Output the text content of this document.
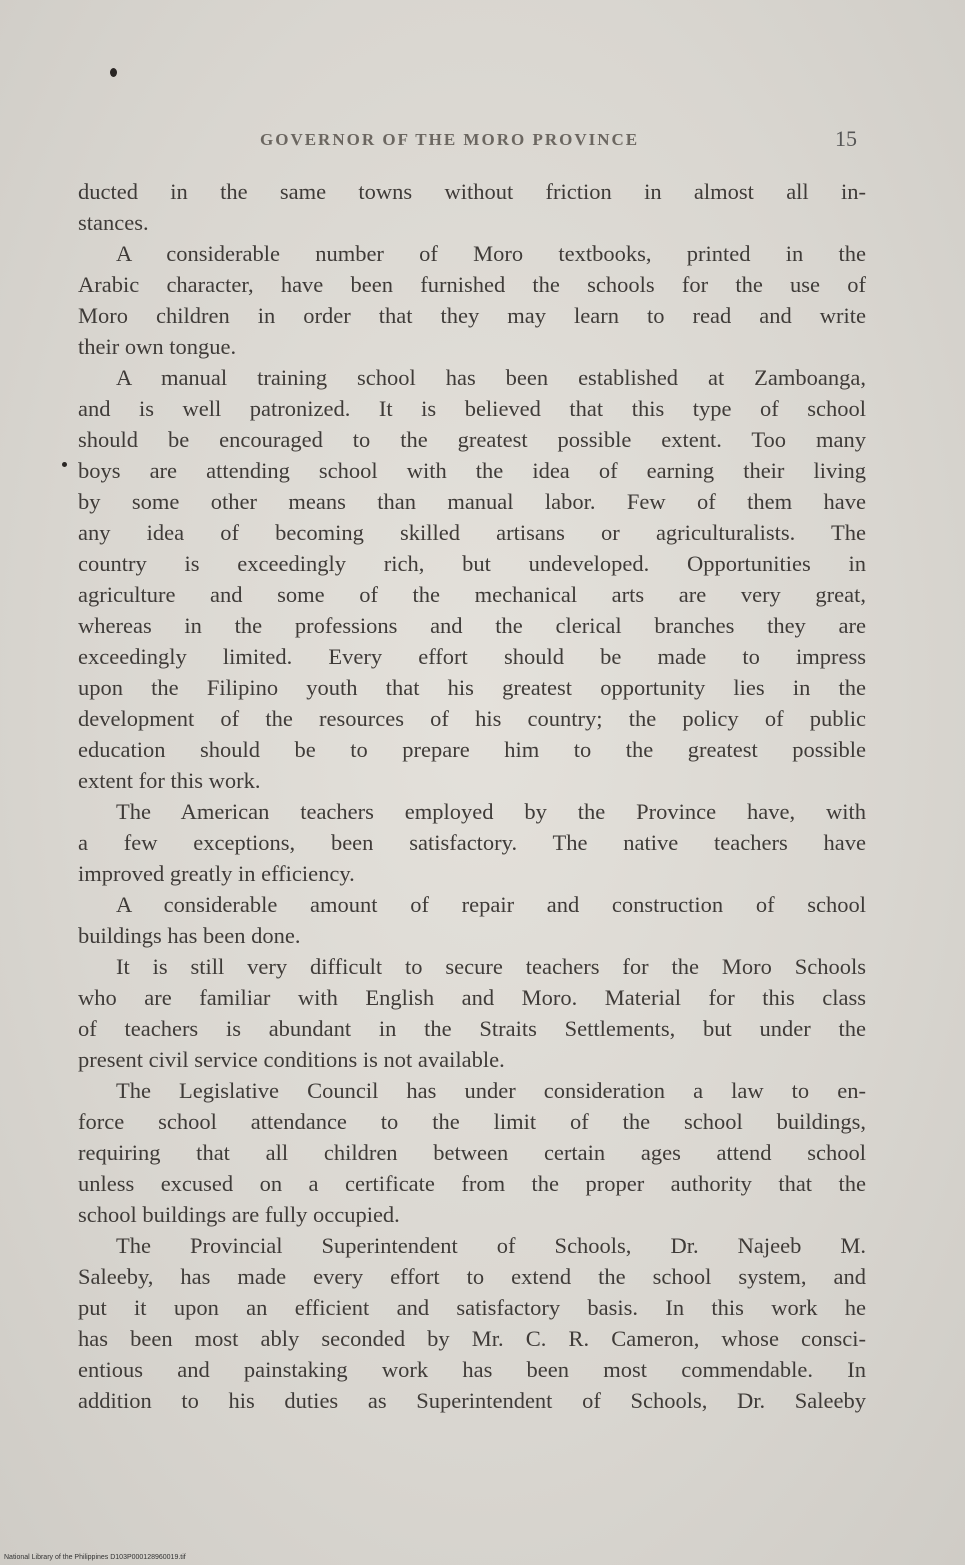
GOVERNOR OF THE MORO PROVINCE	15
ducted in the same towns without friction in almost all in-
stances.
A considerable number of Moro textbooks, printed in the
Arabic character, have been furnished the schools for the use of
Moro children in order that they may learn to read and write
their own tongue.
A manual training school has been established at Zamboanga,
and is well patronized. It is believed that this type of school
should be encouraged to the greatest possible extent. Too many
boys are attending school with the idea of earning their living
by some other means than manual labor. Few of them have
any idea of becoming skilled artisans or agriculturalists. The
country is exceedingly rich, but undeveloped. Opportunities in
agriculture and some of the mechanical arts are very great,
whereas in the professions and the clerical branches they are
exceedingly limited. Every effort should be made to impress
upon the Filipino youth that his greatest opportunity lies in the
development of the resources of his country; the policy of public
education should be to prepare him to the greatest possible
extent for this work.
The American teachers employed by the Province have, with
a few exceptions, been satisfactory. The native teachers have
improved greatly in efficiency.
A considerable amount of repair and construction of school
buildings has been done.
It is still very difficult to secure teachers for the Moro Schools
who are familiar with English and Moro. Material for this class
of teachers is abundant in the Straits Settlements, but under the
present civil service conditions is not available.
The Legislative Council has under consideration a law to en-
force school attendance to the limit of the school buildings,
requiring that all children between certain ages attend school
unless excused on a certificate from the proper authority that the
school buildings are fully occupied.
The Provincial Superintendent of Schools, Dr. Najeeb M.
Saleeby, has made every effort to extend the school system, and
put it upon an efficient and satisfactory basis. In this work he
has been most ably seconded by Mr. C. R. Cameron, whose consci-
entious and painstaking work has been most commendable. In
addition to his duties as Superintendent of Schools, Dr. Saleeby
National Library of the Philippines D103P000128960019.tif
